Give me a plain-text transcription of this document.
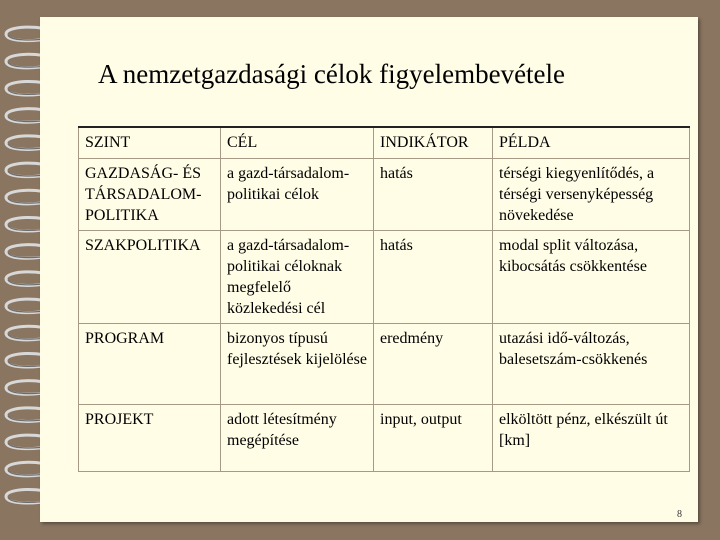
A nemzetgazdasági célok figyelembevétele
SZINT	CÉL	INDIKÁTOR	PÉLDA
GAZDASÁG- ÉS TÁRSADALOM-POLITIKA	a gazd-társadalom-politikai célok	hatás	térségi kiegyenlítődés, a térségi versenyképesség növekedése
SZAKPOLITIKA	a gazd-társadalom-politikai céloknak megfelelő közlekedési cél	hatás	modal split változása, kibocsátás csökkentése
PROGRAM	bizonyos típusú fejlesztések kijelölése	eredmény	utazási idő-változás, balesetszám-csökkenés
PROJEKT	adott létesítmény megépítése	input, output	elköltött pénz, elkészült út [km]
8
